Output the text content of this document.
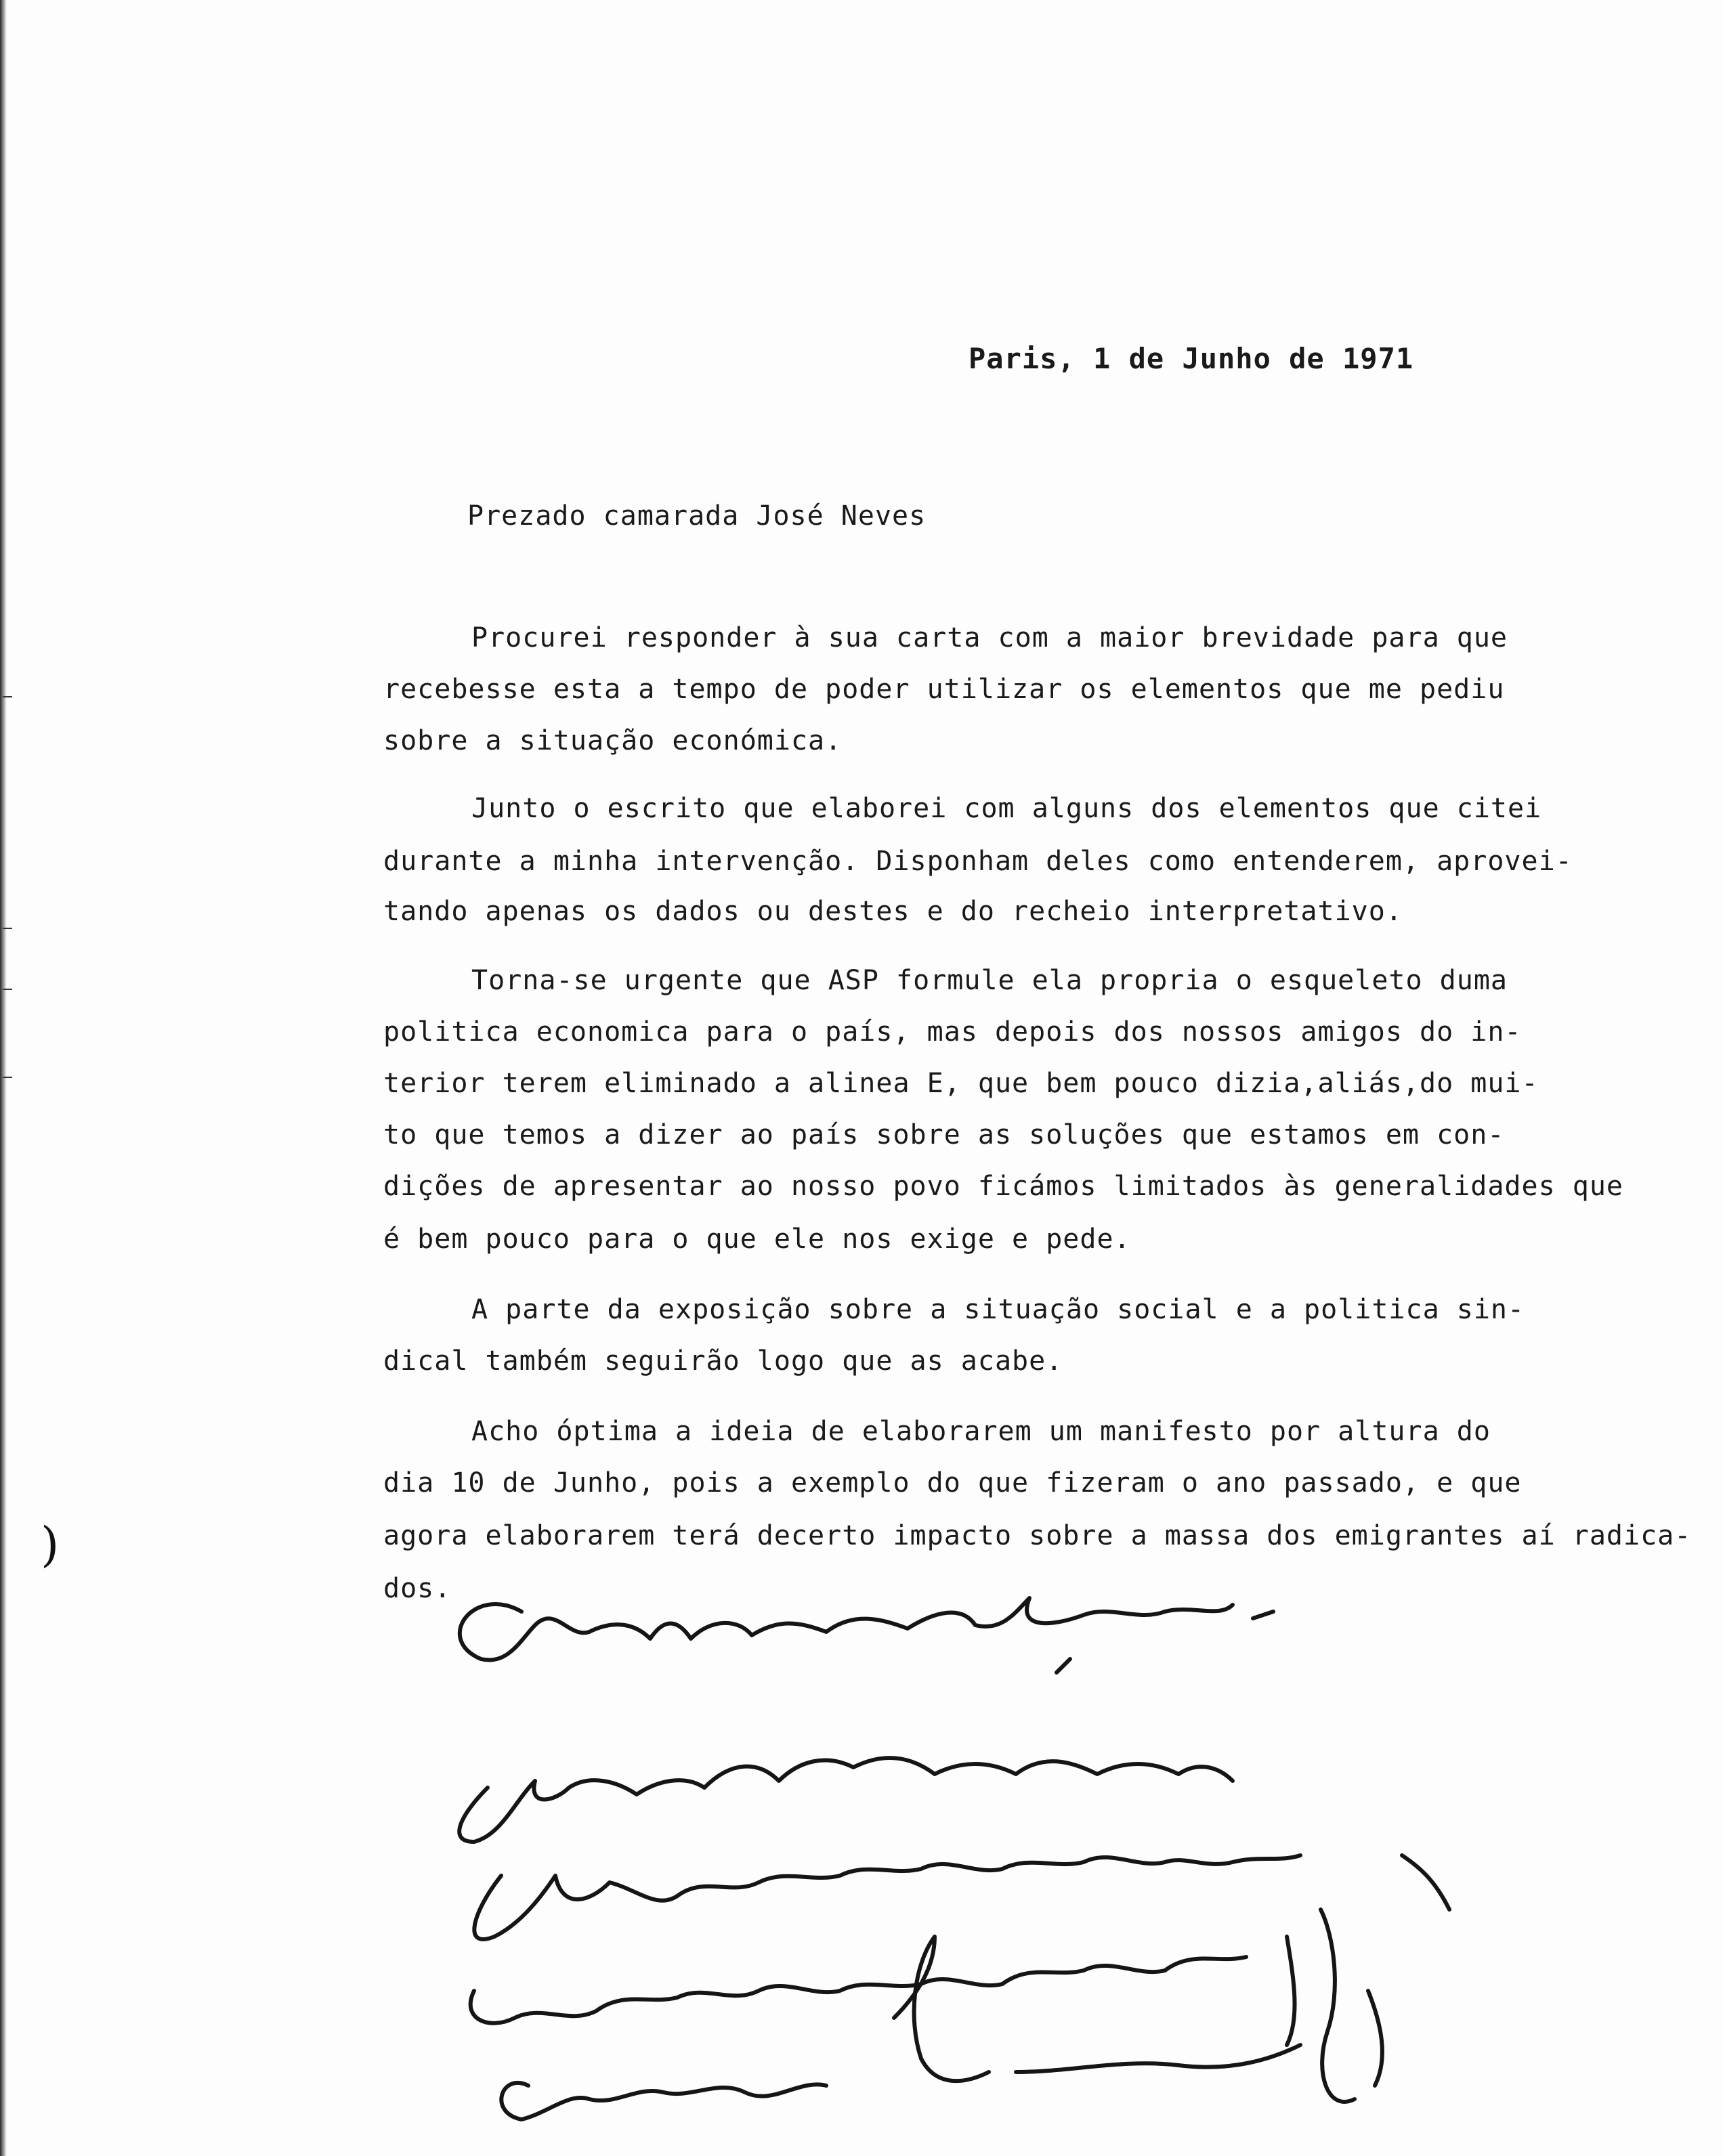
)
Paris, 1 de Junho de 1971
Prezado camarada José Neves
Procurei responder à sua carta com a maior brevidade para que
recebesse esta a tempo de poder utilizar os elementos que me pediu
sobre a situação económica.
Junto o escrito que elaborei com alguns dos elementos que citei
durante a minha intervenção. Disponham deles como entenderem, aprovei-
tando apenas os dados ou destes e do recheio interpretativo.
Torna-se urgente que ASP formule ela propria o esqueleto duma
politica economica para o país, mas depois dos nossos amigos do in-
terior terem eliminado a alinea E, que bem pouco dizia,aliás,do mui-
to que temos a dizer ao país sobre as soluções que estamos em con-
dições de apresentar ao nosso povo ficámos limitados às generalidades que
é bem pouco para o que ele nos exige e pede.
A parte da exposição sobre a situação social e a politica sin-
dical também seguirão logo que as acabe.
Acho óptima a ideia de elaborarem um manifesto por altura do
dia 10 de Junho, pois a exemplo do que fizeram o ano passado, e que
agora elaborarem terá decerto impacto sobre a massa dos emigrantes aí radica-
dos.
